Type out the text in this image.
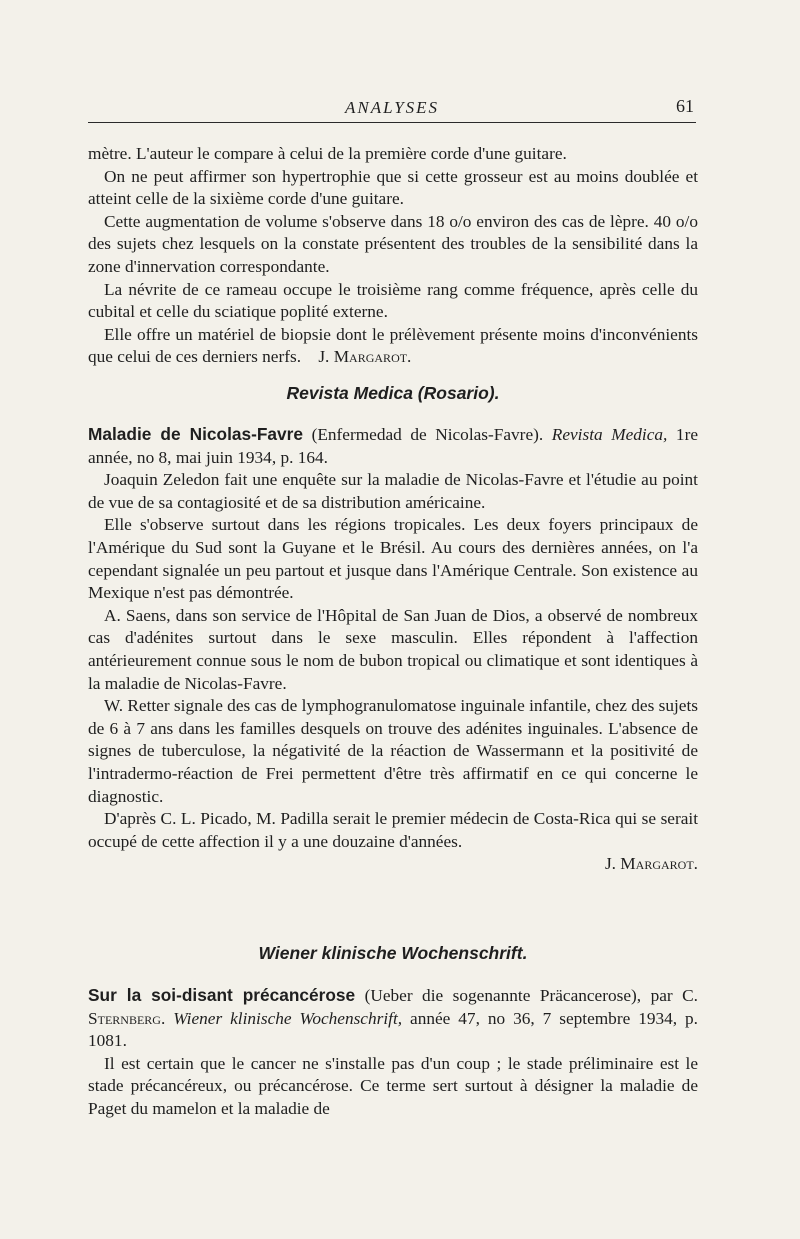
ANALYSES	61

mètre. L'auteur le compare à celui de la première corde d'une guitare.

On ne peut affirmer son hypertrophie que si cette grosseur est au moins doublée et atteint celle de la sixième corde d'une guitare.

Cette augmentation de volume s'observe dans 18 o/o environ des cas de lèpre. 40 o/o des sujets chez lesquels on la constate présentent des troubles de la sensibilité dans la zone d'innervation correspondante.

La névrite de ce rameau occupe le troisième rang comme fréquence, après celle du cubital et celle du sciatique poplité externe.

Elle offre un matériel de biopsie dont le prélèvement présente moins d'inconvénients que celui de ces derniers nerfs. J. Margarot.

Revista Medica (Rosario).

Maladie de Nicolas-Favre (Enfermedad de Nicolas-Favre). Revista Medica, 1re année, no 8, mai juin 1934, p. 164.

Joaquin Zeledon fait une enquête sur la maladie de Nicolas-Favre et l'étudie au point de vue de sa contagiosité et de sa distribution américaine.

Elle s'observe surtout dans les régions tropicales. Les deux foyers principaux de l'Amérique du Sud sont la Guyane et le Brésil. Au cours des dernières années, on l'a cependant signalée un peu partout et jusque dans l'Amérique Centrale. Son existence au Mexique n'est pas démontrée.

A. Saens, dans son service de l'Hôpital de San Juan de Dios, a observé de nombreux cas d'adénites surtout dans le sexe masculin. Elles répondent à l'affection antérieurement connue sous le nom de bubon tropical ou climatique et sont identiques à la maladie de Nicolas-Favre.

W. Retter signale des cas de lymphogranulomatose inguinale infantile, chez des sujets de 6 à 7 ans dans les familles desquels on trouve des adénites inguinales. L'absence de signes de tuberculose, la négativité de la réaction de Wassermann et la positivité de l'intradermo-réaction de Frei permettent d'être très affirmatif en ce qui concerne le diagnostic.

D'après C. L. Picado, M. Padilla serait le premier médecin de Costa-Rica qui se serait occupé de cette affection il y a une douzaine d'années.

J. Margarot.

Wiener klinische Wochenschrift.

Sur la soi-disant précancérose (Ueber die sogenannte Präcancerose), par C. Sternberg. Wiener klinische Wochenschrift, année 47, no 36, 7 septembre 1934, p. 1081.

Il est certain que le cancer ne s'installe pas d'un coup ; le stade préliminaire est le stade précancéreux, ou précancérose. Ce terme sert surtout à désigner la maladie de Paget du mamelon et la maladie de
